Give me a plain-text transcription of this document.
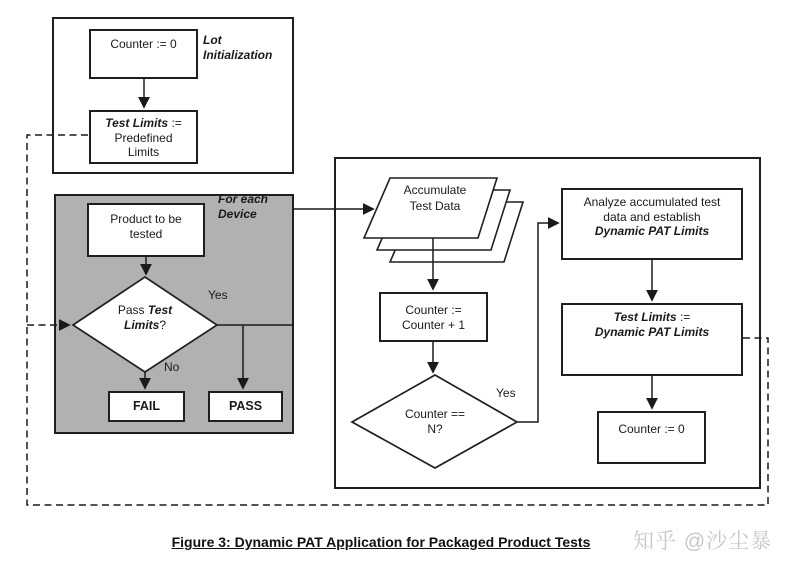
Counter := 0	Lot
Initialization
Test Limits :=
Predefined
Limits
Product to be
tested
For each
Device
Pass Test
Limits?
Yes
No
FAIL	PASS
Accumulate
Test Data
Counter :=
Counter + 1
Counter ==
N?
Yes
Analyze accumulated test
data and establish
Dynamic PAT Limits
Test Limits :=
Dynamic PAT Limits
Counter := 0
Figure 3: Dynamic PAT Application for Packaged Product Tests	知乎 @沙尘暴
